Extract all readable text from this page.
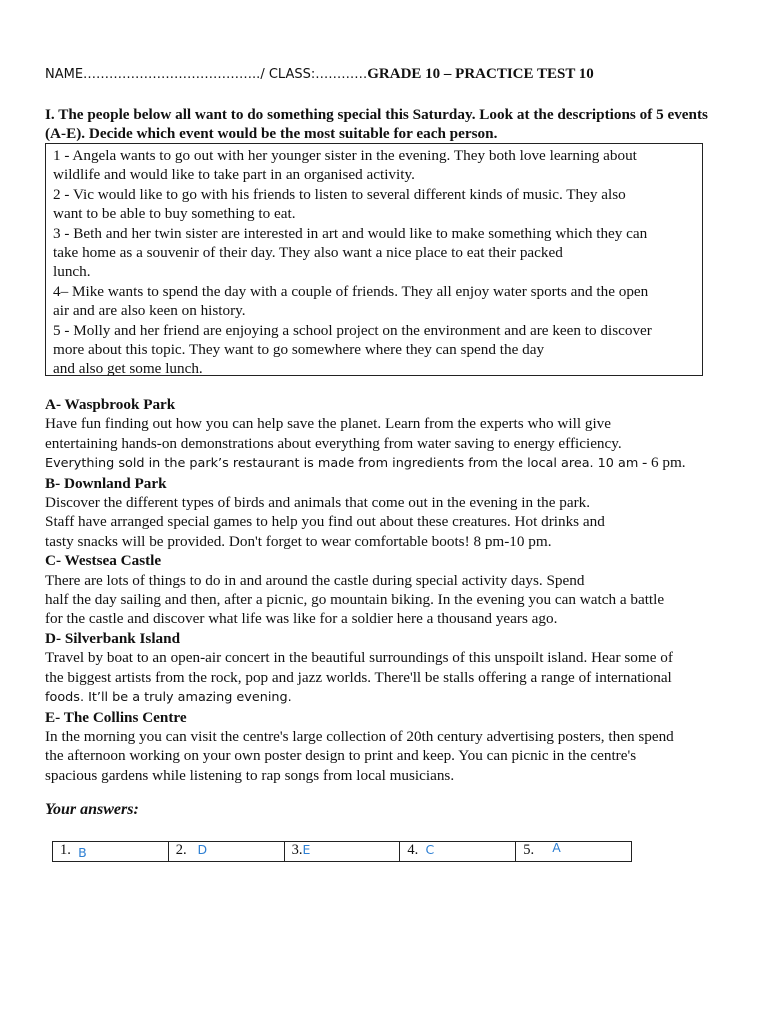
NAME…………………………………../ CLASS:…………GRADE 10 – PRACTICE TEST 10
I. The people below all want to do something special this Saturday. Look at the descriptions of 5 events (A-E). Decide which event would be the most suitable for each person.
1 - Angela wants to go out with her younger sister in the evening. They both love learning about
wildlife and would like to take part in an organised activity.
2 - Vic would like to go with his friends to listen to several different kinds of music. They also
want to be able to buy something to eat.
3 - Beth and her twin sister are interested in art and would like to make something which they can
take home as a souvenir of their day. They also want a nice place to eat their packed
lunch.
4– Mike wants to spend the day with a couple of friends. They all enjoy water sports and the open
air and are also keen on history.
5 - Molly and her friend are enjoying a school project on the environment and are keen to discover
more about this topic. They want to go somewhere where they can spend the day
and also get some lunch.
A- Waspbrook Park
Have fun finding out how you can help save the planet. Learn from the experts who will give
entertaining hands-on demonstrations about everything from water saving to energy efficiency.
Everything sold in the park’s restaurant is made from ingredients from the local area. 10 am - 6 pm.
B- Downland Park
Discover the different types of birds and animals that come out in the evening in the park.
Staff have arranged special games to help you find out about these creatures. Hot drinks and
tasty snacks will be provided. Don't forget to wear comfortable boots! 8 pm-10 pm.
C- Westsea Castle
There are lots of things to do in and around the castle during special activity days. Spend
half the day sailing and then, after a picnic, go mountain biking. In the evening you can watch a battle
for the castle and discover what life was like for a soldier here a thousand years ago.
D- Silverbank Island
Travel by boat to an open-air concert in the beautiful surroundings of this unspoilt island. Hear some of
the biggest artists from the rock, pop and jazz worlds. There'll be stalls offering a range of international
foods. It’ll be a truly amazing evening.
E- The Collins Centre
In the morning you can visit the centre's large collection of 20th century advertising posters, then spend
the afternoon working on your own poster design to print and keep. You can picnic in the centre's
spacious gardens while listening to rap songs from local musicians.
Your answers:
1. B	2. D	3.E	4. C	5. A
